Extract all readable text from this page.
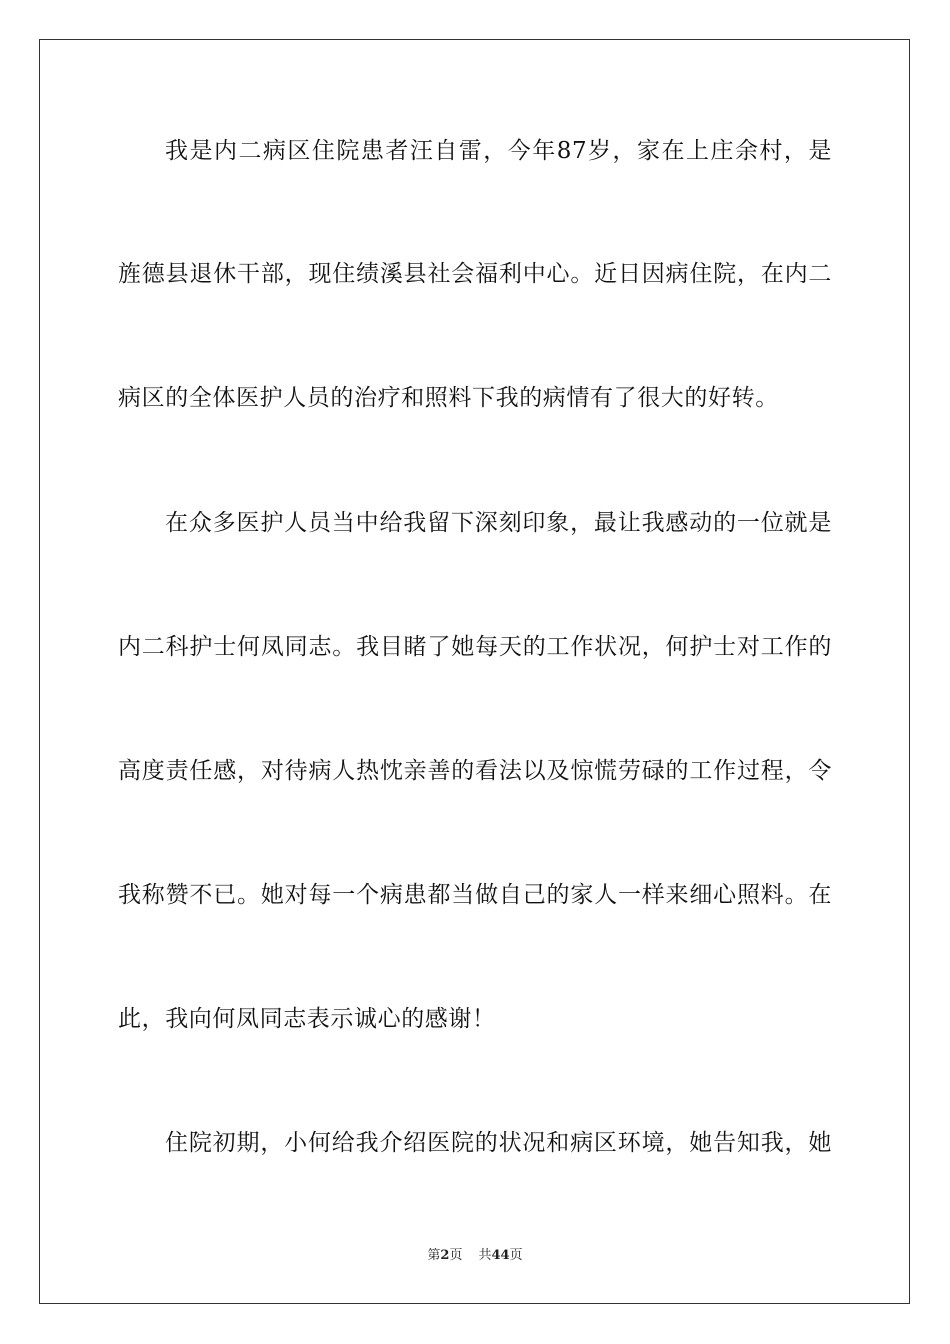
我是内二病区住院患者汪自雷，今年87岁，家在上庄余村，是
旌德县退休干部，现住绩溪县社会福利中心。近日因病住院，在内二
病区的全体医护人员的治疗和照料下我的病情有了很大的好转。
在众多医护人员当中给我留下深刻印象，最让我感动的一位就是
内二科护士何凤同志。我目睹了她每天的工作状况，何护士对工作的
高度责任感，对待病人热忱亲善的看法以及惊慌劳碌的工作过程，令
我称赞不已。她对每一个病患都当做自己的家人一样来细心照料。在
此，我向何凤同志表示诚心的感谢！
住院初期，小何给我介绍医院的状况和病区环境，她告知我，她
第2页 共44页
